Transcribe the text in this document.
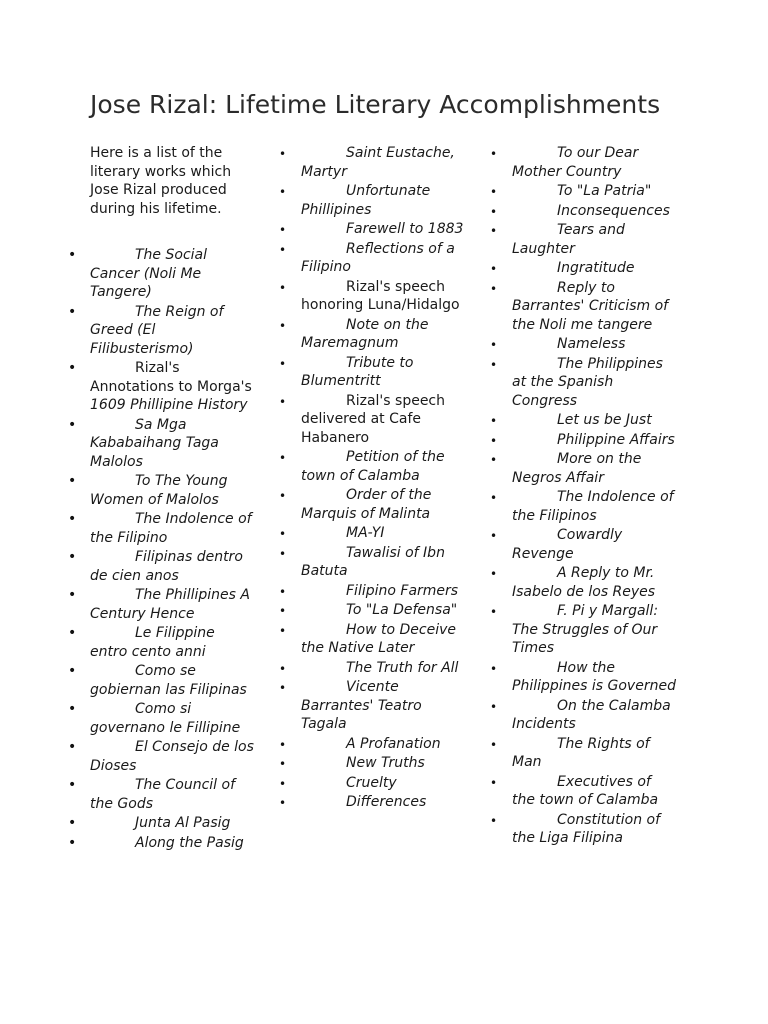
Jose Rizal: Lifetime Literary Accomplishments

Here is a list of the literary works which Jose Rizal produced during his lifetime.

• The Social Cancer (Noli Me Tangere)
• The Reign of Greed (El Filibusterismo)
• Rizal's Annotations to Morga's 1609 Phillipine History
• Sa Mga Kababaihang Taga Malolos
• To The Young Women of Malolos
• The Indolence of the Filipino
• Filipinas dentro de cien anos
• The Phillipines A Century Hence
• Le Filippine entro cento anni
• Como se gobiernan las Filipinas
• Como si governano le Fillipine
• El Consejo de los Dioses
• The Council of the Gods
• Junta Al Pasig
• Along the Pasig
• Saint Eustache, Martyr
• Unfortunate Phillipines
• Farewell to 1883
• Reflections of a Filipino
• Rizal's speech honoring Luna/Hidalgo
• Note on the Maremagnum
• Tribute to Blumentritt
• Rizal's speech delivered at Cafe Habanero
• Petition of the town of Calamba
• Order of the Marquis of Malinta
• MA-YI
• Tawalisi of Ibn Batuta
• Filipino Farmers
• To "La Defensa"
• How to Deceive the Native Later
• The Truth for All
• Vicente Barrantes' Teatro Tagala
• A Profanation
• New Truths
• Cruelty
• Differences
• To our Dear Mother Country
• To "La Patria"
• Inconsequences
• Tears and Laughter
• Ingratitude
• Reply to Barrantes' Criticism of the Noli me tangere
• Nameless
• The Philippines at the Spanish Congress
• Let us be Just
• Philippine Affairs
• More on the Negros Affair
• The Indolence of the Filipinos
• Cowardly Revenge
• A Reply to Mr. Isabelo de los Reyes
• F. Pi y Margall: The Struggles of Our Times
• How the Philippines is Governed
• On the Calamba Incidents
• The Rights of Man
• Executives of the town of Calamba
• Constitution of the Liga Filipina
